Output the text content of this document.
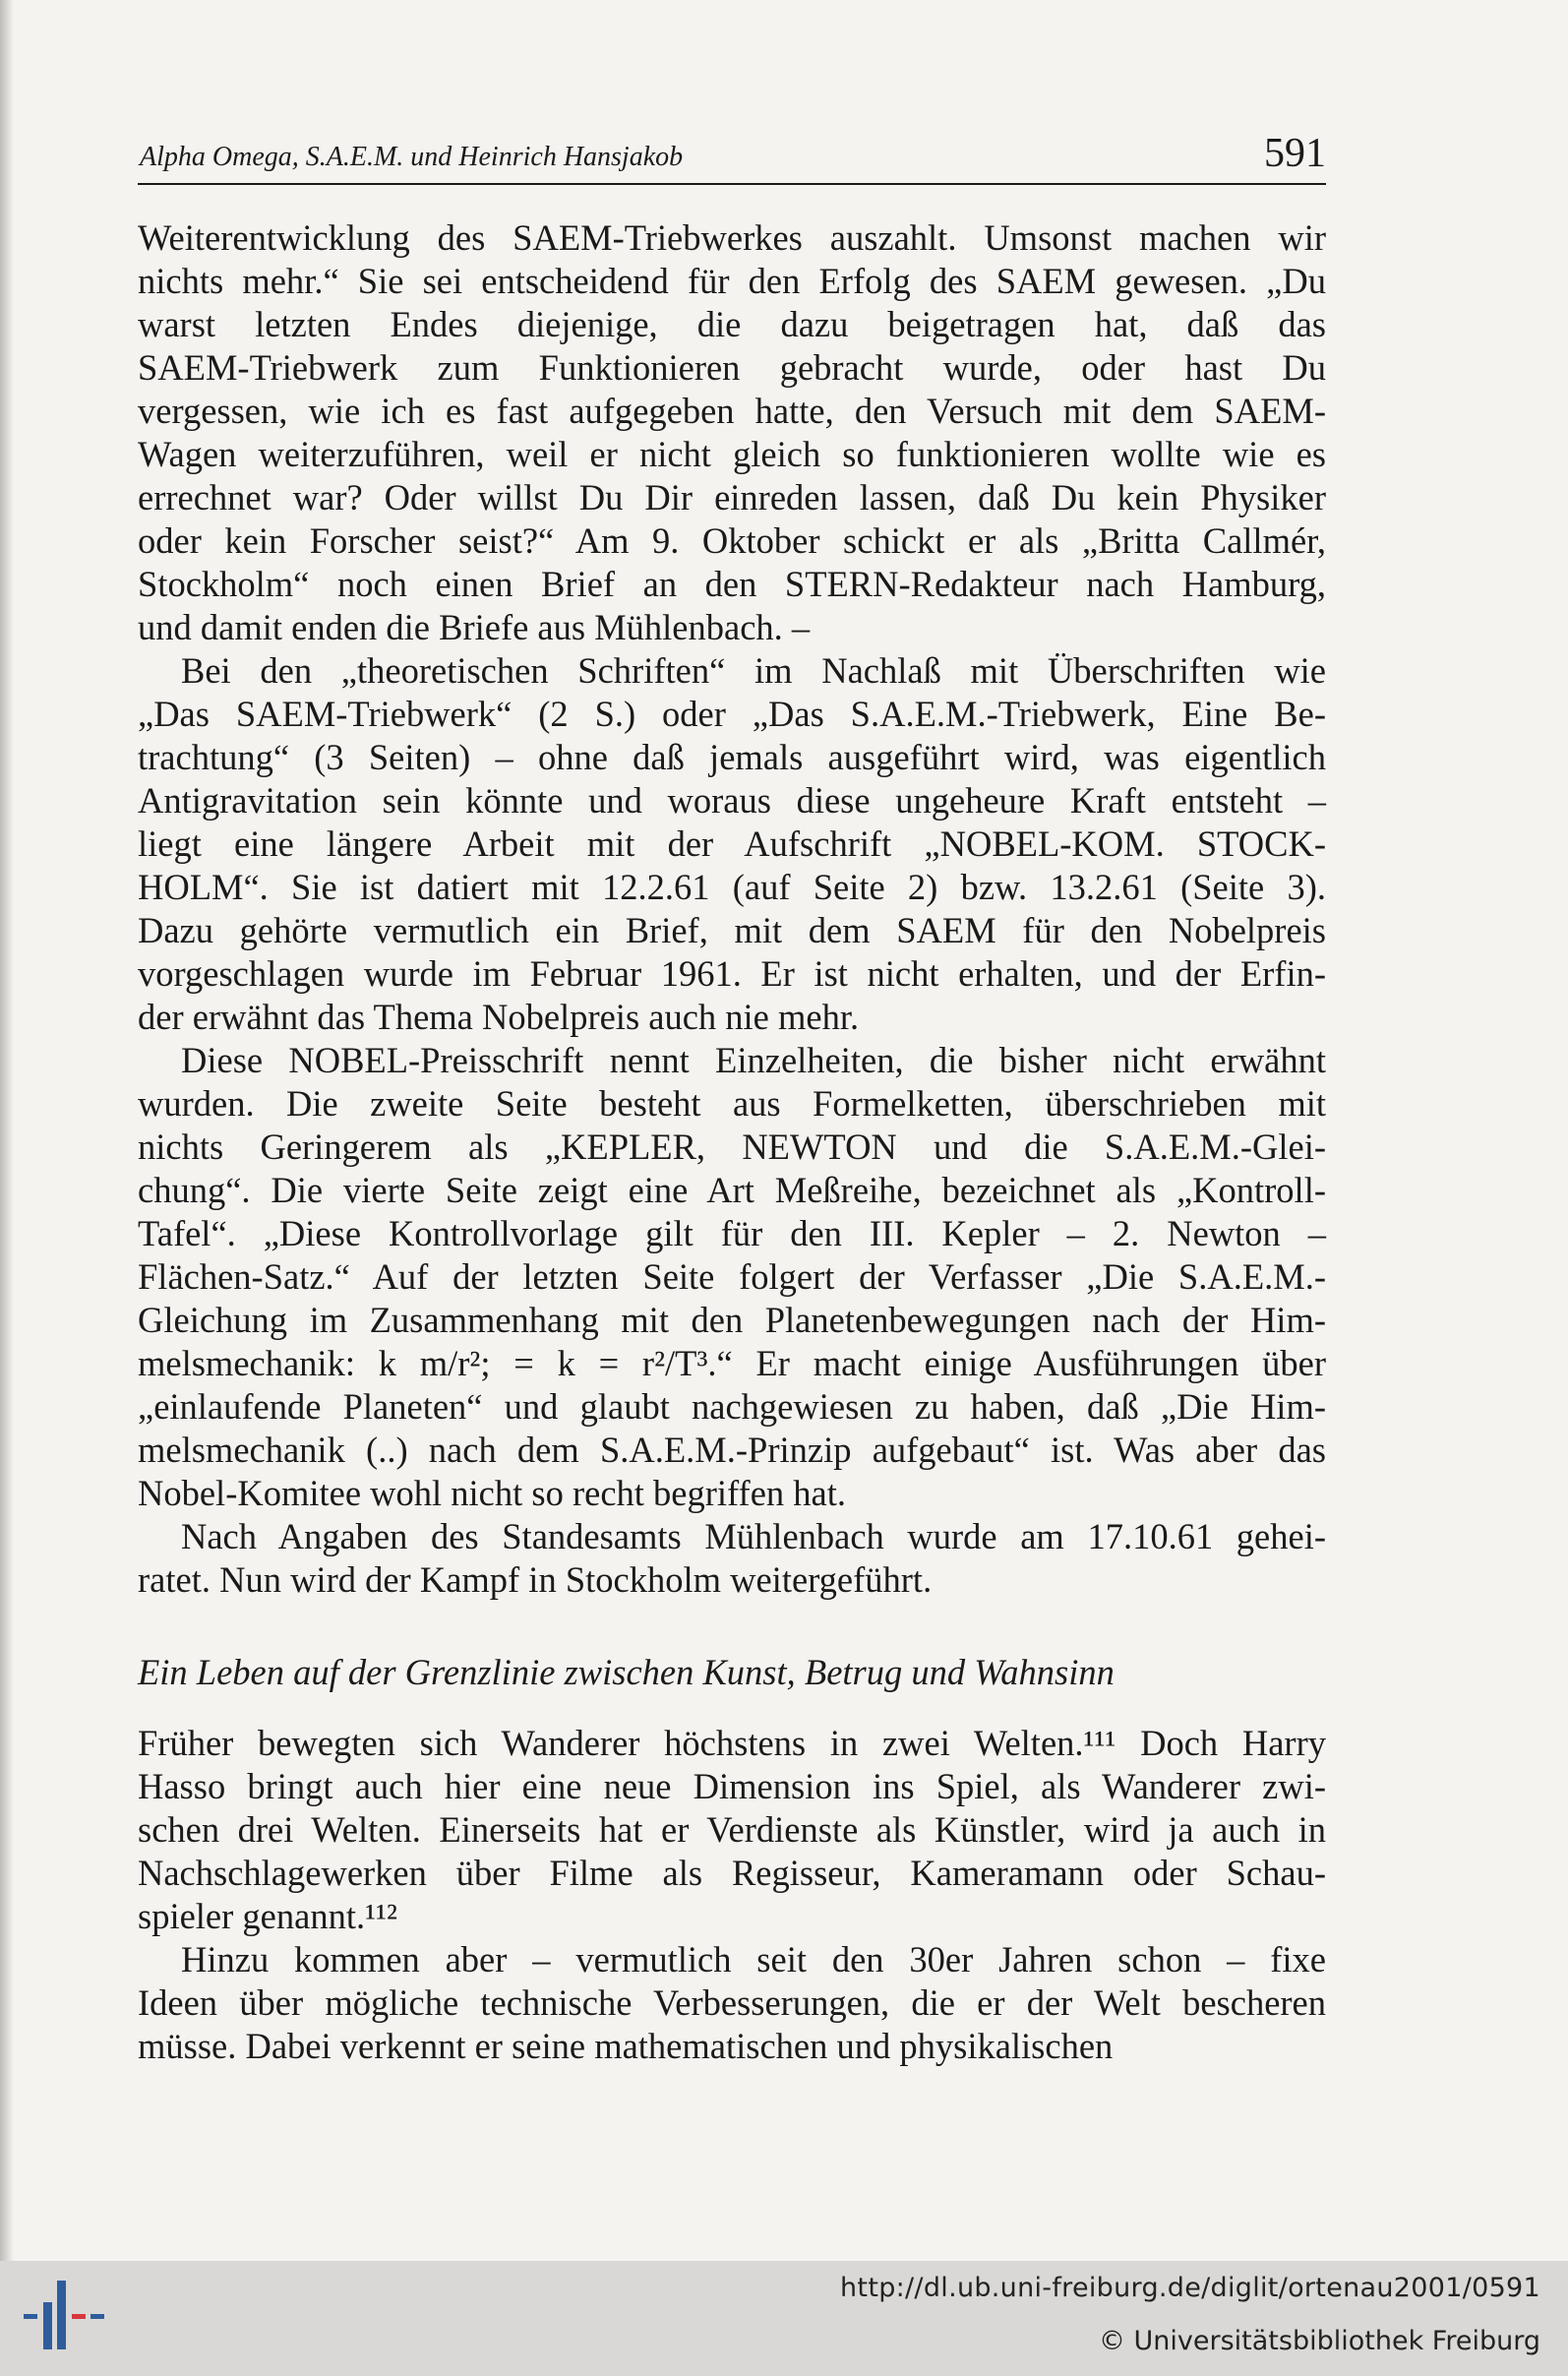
Alpha Omega, S.A.E.M. und Heinrich Hansjakob	591
Weiterentwicklung des SAEM-Triebwerkes auszahlt. Umsonst machen wir
nichts mehr.“ Sie sei entscheidend für den Erfolg des SAEM gewesen. „Du
warst letzten Endes diejenige, die dazu beigetragen hat, daß das
SAEM-Triebwerk zum Funktionieren gebracht wurde, oder hast Du
vergessen, wie ich es fast aufgegeben hatte, den Versuch mit dem SAEM-
Wagen weiterzuführen, weil er nicht gleich so funktionieren wollte wie es
errechnet war? Oder willst Du Dir einreden lassen, daß Du kein Physiker
oder kein Forscher seist?“ Am 9. Oktober schickt er als „Britta Callmér,
Stockholm“ noch einen Brief an den STERN-Redakteur nach Hamburg,
und damit enden die Briefe aus Mühlenbach. –
Bei den „theoretischen Schriften“ im Nachlaß mit Überschriften wie
„Das SAEM-Triebwerk“ (2 S.) oder „Das S.A.E.M.-Triebwerk, Eine Be-
trachtung“ (3 Seiten) – ohne daß jemals ausgeführt wird, was eigentlich
Antigravitation sein könnte und woraus diese ungeheure Kraft entsteht –
liegt eine längere Arbeit mit der Aufschrift „NOBEL-KOM. STOCK-
HOLM“. Sie ist datiert mit 12.2.61 (auf Seite 2) bzw. 13.2.61 (Seite 3).
Dazu gehörte vermutlich ein Brief, mit dem SAEM für den Nobelpreis
vorgeschlagen wurde im Februar 1961. Er ist nicht erhalten, und der Erfin-
der erwähnt das Thema Nobelpreis auch nie mehr.
Diese NOBEL-Preisschrift nennt Einzelheiten, die bisher nicht erwähnt
wurden. Die zweite Seite besteht aus Formelketten, überschrieben mit
nichts Geringerem als „KEPLER, NEWTON und die S.A.E.M.-Glei-
chung“. Die vierte Seite zeigt eine Art Meßreihe, bezeichnet als „Kontroll-
Tafel“. „Diese Kontrollvorlage gilt für den III. Kepler – 2. Newton –
Flächen-Satz.“ Auf der letzten Seite folgert der Verfasser „Die S.A.E.M.-
Gleichung im Zusammenhang mit den Planetenbewegungen nach der Him-
melsmechanik: k m/r²; = k = r²/T³.“ Er macht einige Ausführungen über
„einlaufende Planeten“ und glaubt nachgewiesen zu haben, daß „Die Him-
melsmechanik (..) nach dem S.A.E.M.-Prinzip aufgebaut“ ist. Was aber das
Nobel-Komitee wohl nicht so recht begriffen hat.
Nach Angaben des Standesamts Mühlenbach wurde am 17.10.61 gehei-
ratet. Nun wird der Kampf in Stockholm weitergeführt.
Ein Leben auf der Grenzlinie zwischen Kunst, Betrug und Wahnsinn
Früher bewegten sich Wanderer höchstens in zwei Welten.¹¹¹ Doch Harry
Hasso bringt auch hier eine neue Dimension ins Spiel, als Wanderer zwi-
schen drei Welten. Einerseits hat er Verdienste als Künstler, wird ja auch in
Nachschlagewerken über Filme als Regisseur, Kameramann oder Schau-
spieler genannt.¹¹²
Hinzu kommen aber – vermutlich seit den 30er Jahren schon – fixe
Ideen über mögliche technische Verbesserungen, die er der Welt bescheren
müsse. Dabei verkennt er seine mathematischen und physikalischen
http://dl.ub.uni-freiburg.de/diglit/ortenau2001/0591
© Universitätsbibliothek Freiburg
